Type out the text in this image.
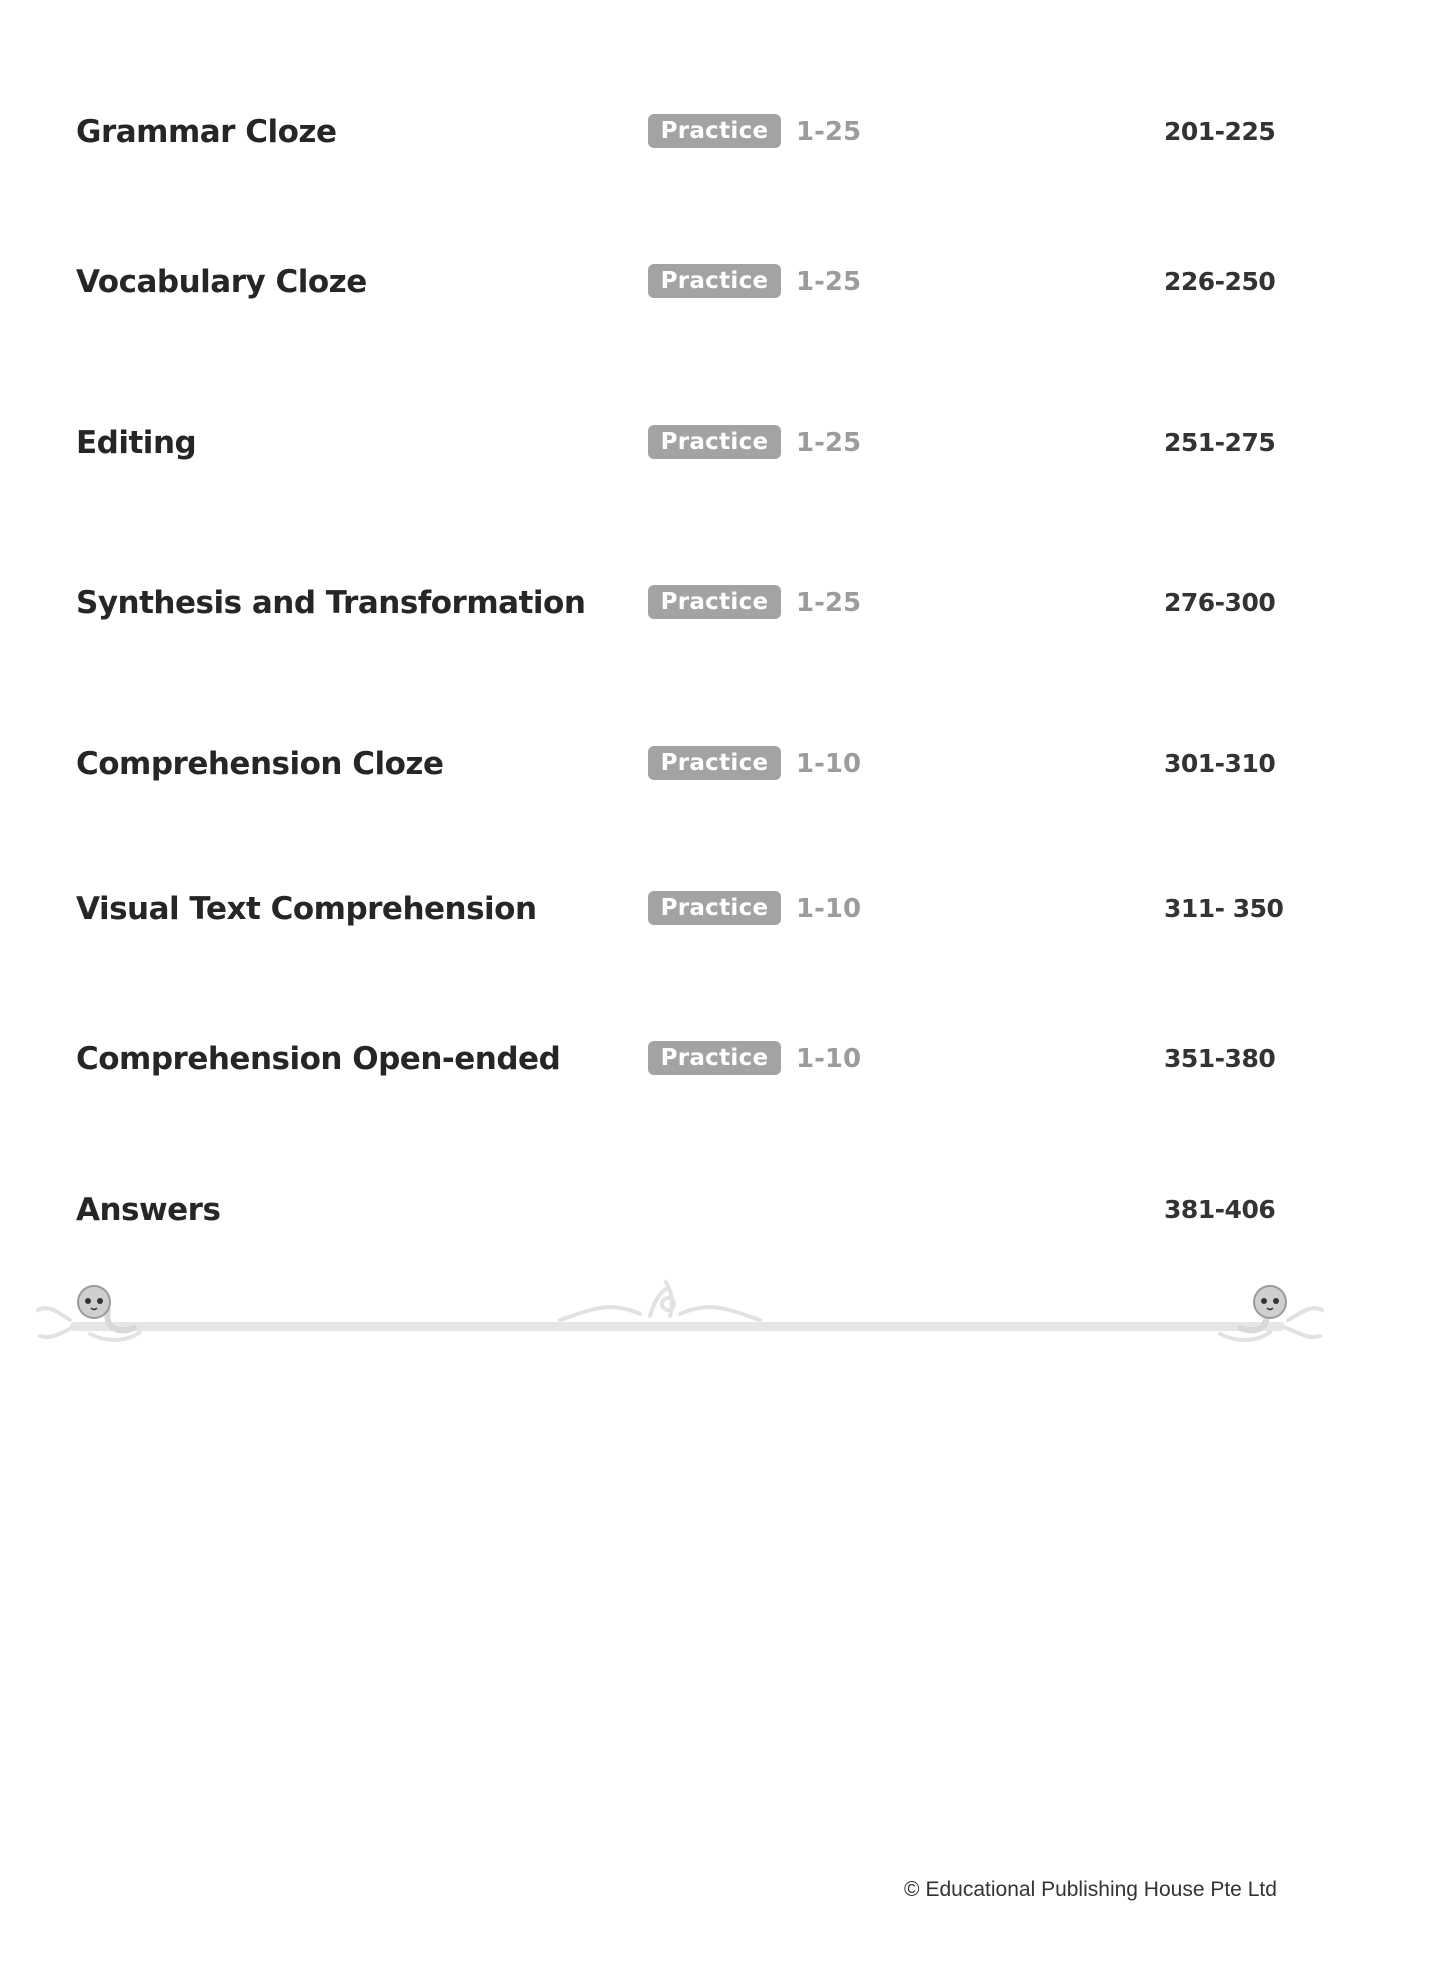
Grammar Cloze	Practice	1-25	201-225
Vocabulary Cloze	Practice	1-25	226-250
Editing	Practice	1-25	251-275
Synthesis and Transformation	Practice	1-25	276-300
Comprehension Cloze	Practice	1-10	301-310
Visual Text Comprehension	Practice	1-10	311- 350
Comprehension Open-ended	Practice	1-10	351-380
Answers	381-406
© Educational Publishing House Pte Ltd
